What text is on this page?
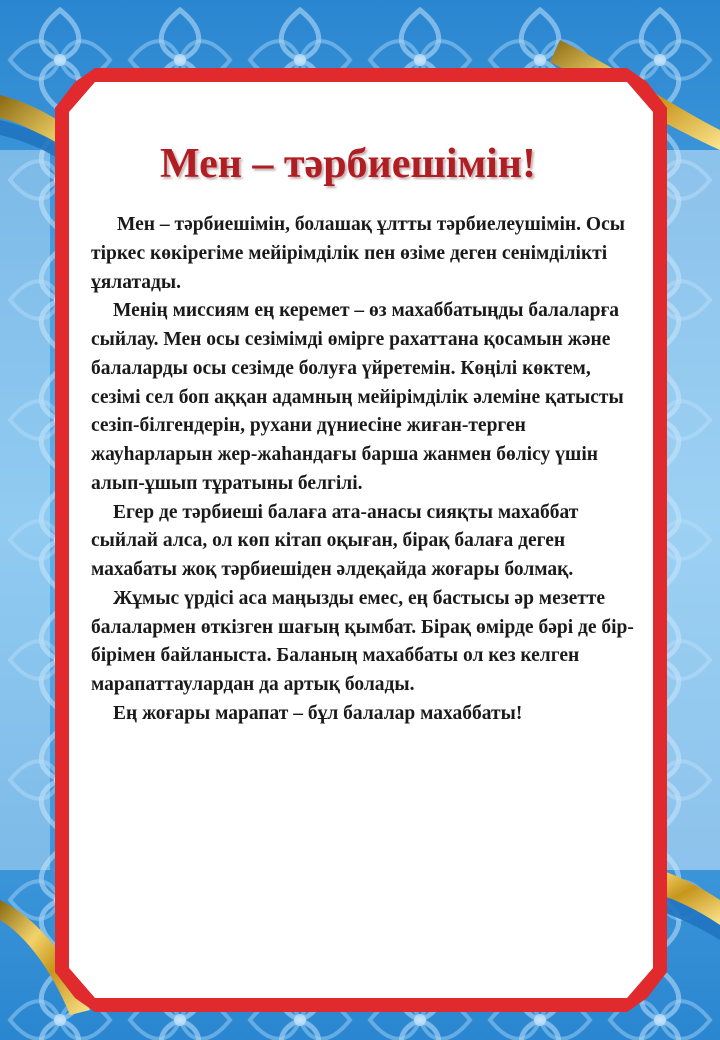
Мен – тәрбиешімін!

Мен – тәрбиешімін, болашақ ұлтты тәрбиелеушімін. Осы тіркес көкірегіме мейірімділік пен өзіме деген сенімділікті ұялатады.

Менің миссиям ең керемет – өз махаббатыңды балаларға сыйлау. Мен осы сезімімді өмірге рахаттана қосамын және балаларды осы сезімде болуға үйретемін. Көңілі көктем, сезімі сел боп аққан адамның мейірімділік әлеміне қатысты сезіп-білгендерін, рухани дүниесіне жиған-терген жауһарларын жер-жаһандағы барша жанмен бөлісу үшін алып-ұшып тұратыны белгілі.

Егер де тәрбиеші балаға ата-анасы сияқты махаббат сыйлай алса, ол көп кітап оқыған, бірақ балаға деген махабаты жоқ тәрбиешіден әлдеқайда жоғары болмақ.

Жұмыс үрдісі аса маңызды емес, ең бастысы әр мезетте балалармен өткізген шағың қымбат. Бірақ өмірде бәрі де бір-бірімен байланыста. Баланың махаббаты ол кез келген марапаттаулардан да артық болады.

Ең жоғары марапат – бұл балалар махаббаты!
